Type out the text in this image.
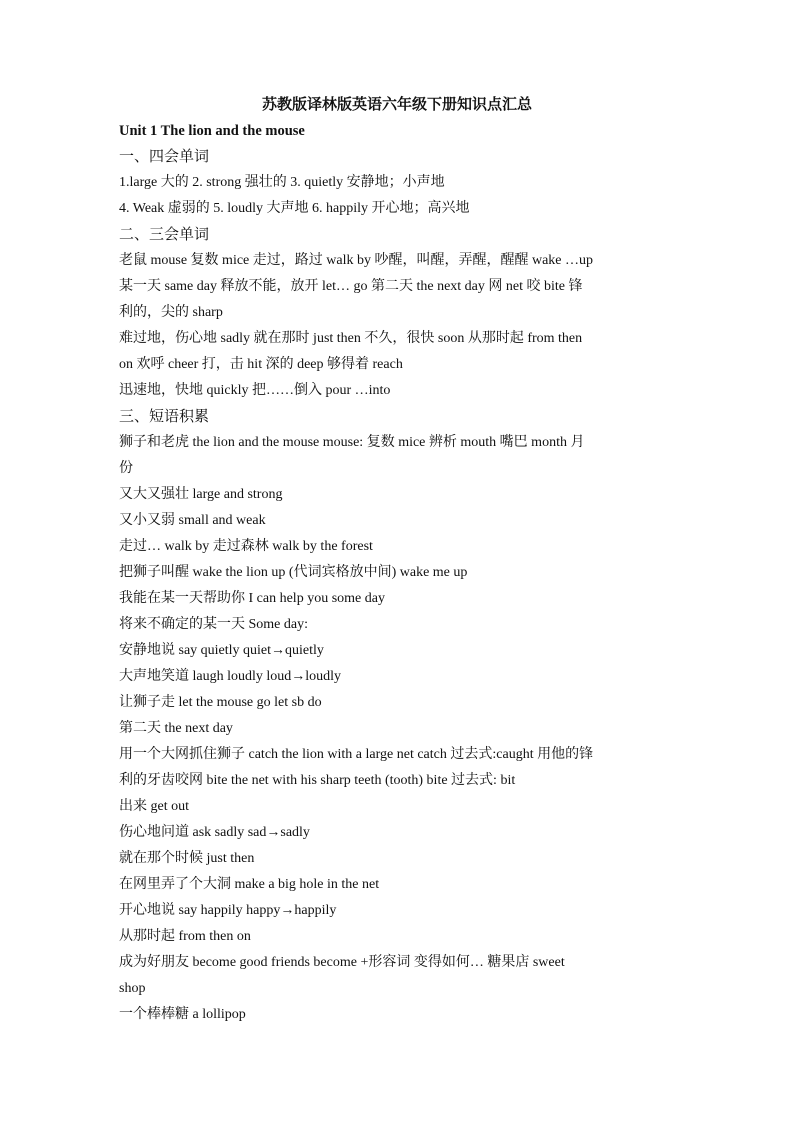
苏教版译林版英语六年级下册知识点汇总
Unit 1 The lion and the mouse
一、四会单词
1.large 大的 2. strong 强壮的 3. quietly 安静地；小声地
4. Weak 虚弱的 5. loudly 大声地 6. happily 开心地；高兴地
二、三会单词
老鼠 mouse 复数 mice 走过，路过 walk by 吵醒，叫醒，弄醒，醒醒 wake …up
某一天 same day 释放不能，放开 let… go 第二天 the next day 网 net 咬 bite 锋
利的，尖的 sharp
难过地，伤心地 sadly 就在那时 just then 不久，很快 soon 从那时起 from then
on 欢呼 cheer 打，击 hit 深的 deep 够得着 reach
迅速地，快地 quickly 把……倒入 pour …into
三、短语积累
狮子和老虎 the lion and the mouse mouse: 复数 mice 辨析 mouth 嘴巴 month 月
份
又大又强壮 large and strong
又小又弱 small and weak
走过… walk by 走过森林 walk by the forest
把狮子叫醒 wake the lion up (代词宾格放中间) wake me up
我能在某一天帮助你 I can help you some day
将来不确定的某一天 Some day:
安静地说 say quietly quiet→quietly
大声地笑道 laugh loudly loud→loudly
让狮子走 let the mouse go let sb do
第二天 the next day
用一个大网抓住狮子 catch the lion with a large net catch 过去式:caught 用他的锋
利的牙齿咬网 bite the net with his sharp teeth (tooth) bite 过去式: bit
出来 get out
伤心地问道 ask sadly sad→sadly
就在那个时候 just then
在网里弄了个大洞 make a big hole in the net
开心地说 say happily happy→happily
从那时起 from then on
成为好朋友 become good friends become +形容词 变得如何… 糖果店 sweet
shop
一个棒棒糖 a lollipop
